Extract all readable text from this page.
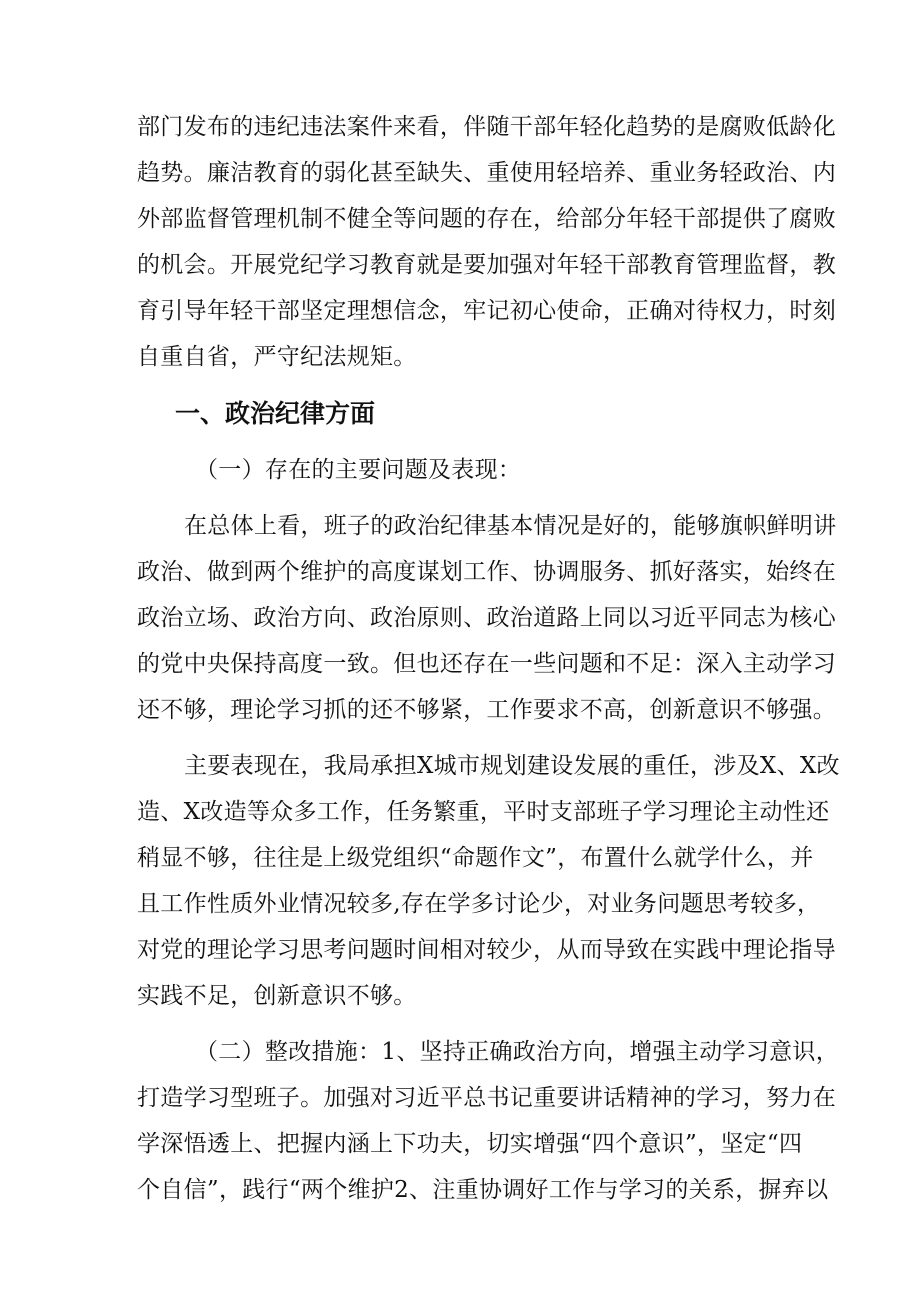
部门发布的违纪违法案件来看，伴随干部年轻化趋势的是腐败低龄化
趋势。廉洁教育的弱化甚至缺失、重使用轻培养、重业务轻政治、内
外部监督管理机制不健全等问题的存在，给部分年轻干部提供了腐败
的机会。开展党纪学习教育就是要加强对年轻干部教育管理监督，教
育引导年轻干部坚定理想信念，牢记初心使命，正确对待权力，时刻
自重自省，严守纪法规矩。
一、政治纪律方面
（一）存在的主要问题及表现：
在总体上看，班子的政治纪律基本情况是好的，能够旗帜鲜明讲
政治、做到两个维护的高度谋划工作、协调服务、抓好落实，始终在
政治立场、政治方向、政治原则、政治道路上同以习近平同志为核心
的党中央保持高度一致。但也还存在一些问题和不足：深入主动学习
还不够，理论学习抓的还不够紧，工作要求不高，创新意识不够强。
主要表现在，我局承担X城市规划建设发展的重任，涉及X、X改
造、X改造等众多工作，任务繁重，平时支部班子学习理论主动性还
稍显不够，往往是上级党组织“命题作文”，布置什么就学什么，并
且工作性质外业情况较多,存在学多讨论少，对业务问题思考较多，
对党的理论学习思考问题时间相对较少，从而导致在实践中理论指导
实践不足，创新意识不够。
（二）整改措施：1、坚持正确政治方向，增强主动学习意识，
打造学习型班子。加强对习近平总书记重要讲话精神的学习，努力在
学深悟透上、把握内涵上下功夫，切实增强“四个意识”，坚定“四
个自信”，践行“两个维护2、注重协调好工作与学习的关系，摒弃以
